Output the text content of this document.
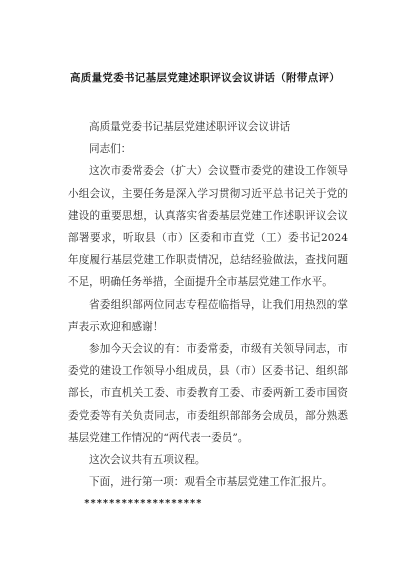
高质量党委书记基层党建述职评议会议讲话（附带点评）

高质量党委书记基层党建述职评议会议讲话

同志们：

这次市委常委会（扩大）会议暨市委党的建设工作领导小组会议，主要任务是深入学习贯彻习近平总书记关于党的建设的重要思想，认真落实省委基层党建工作述职评议会议部署要求，听取县（市）区委和市直党（工）委书记2024年度履行基层党建工作职责情况，总结经验做法，查找问题不足，明确任务举措，全面提升全市基层党建工作水平。

省委组织部两位同志专程莅临指导，让我们用热烈的掌声表示欢迎和感谢！

参加今天会议的有：市委常委，市级有关领导同志，市委党的建设工作领导小组成员，县（市）区委书记、组织部部长，市直机关工委、市委教育工委、市委两新工委市国资委党委等有关负责同志，市委组织部部务会成员，部分熟悉基层党建工作情况的“两代表一委员”。

这次会议共有五项议程。

下面，进行第一项：观看全市基层党建工作汇报片。

*******************
